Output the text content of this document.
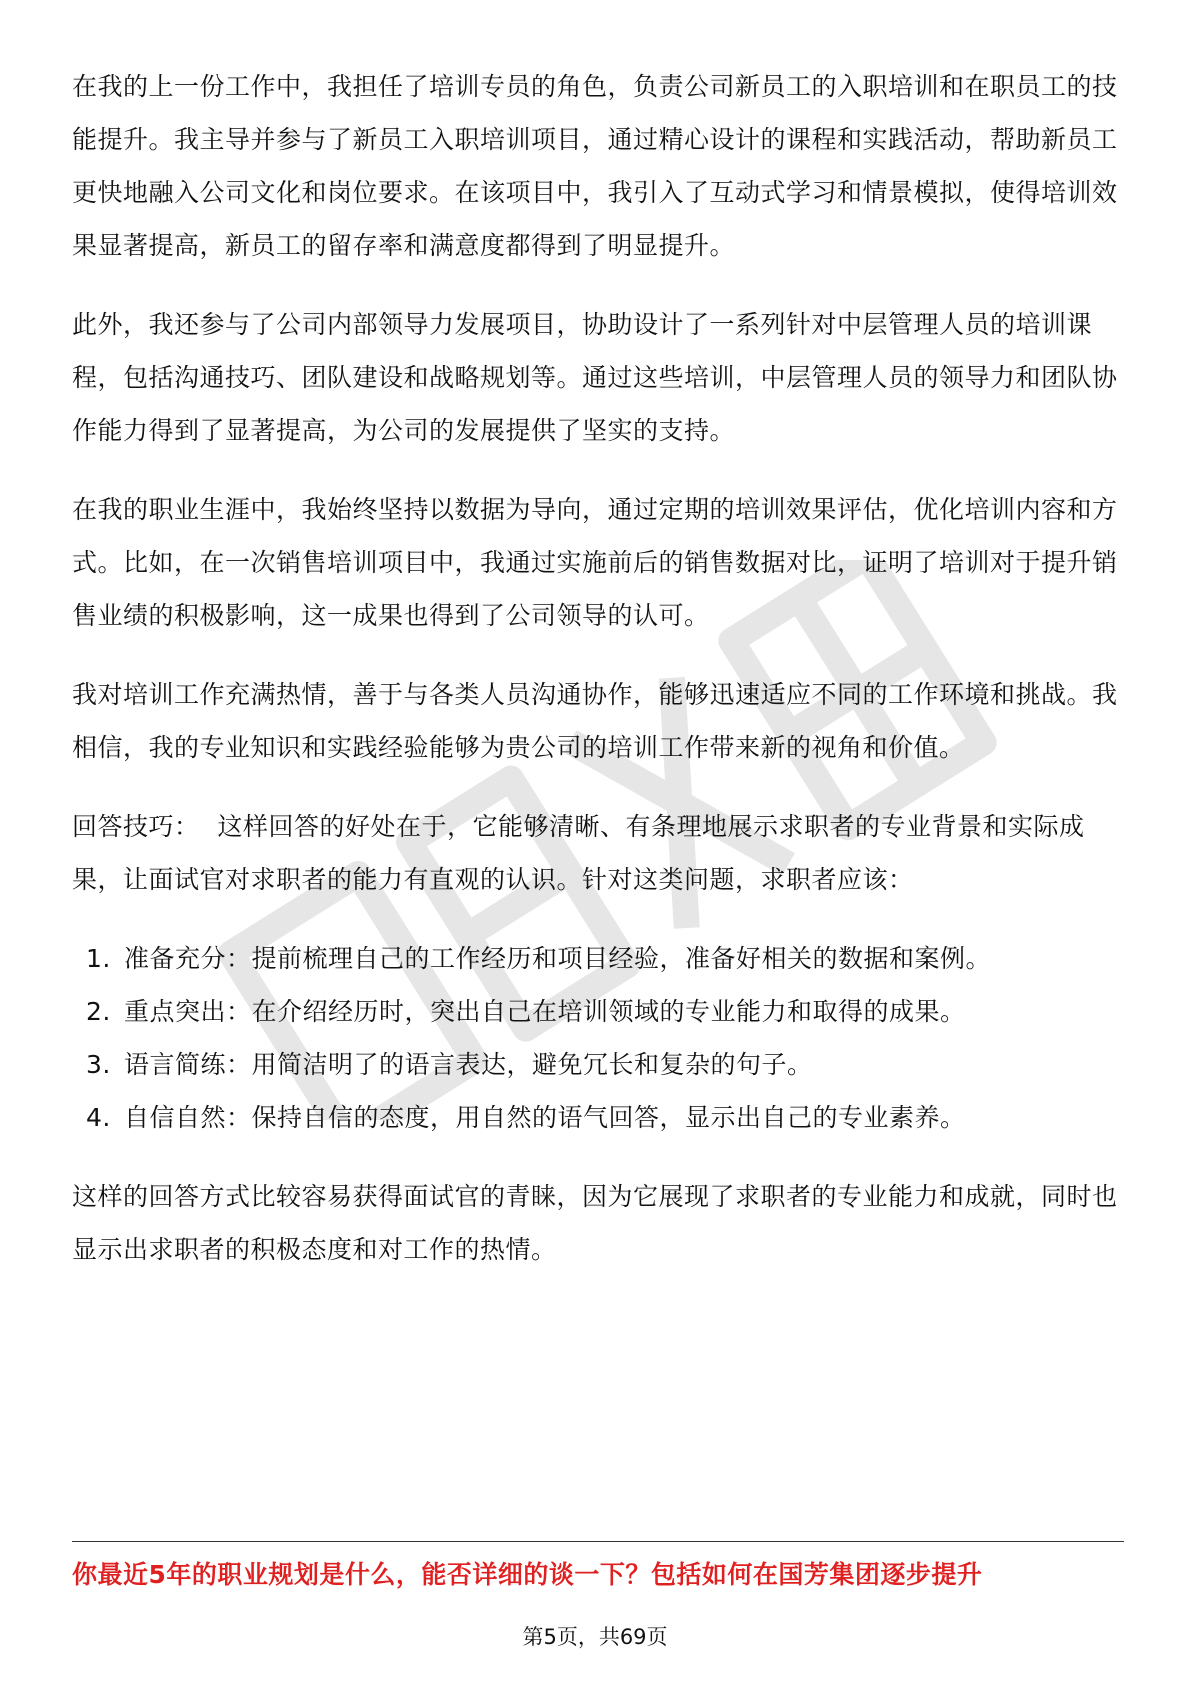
在我的上一份工作中，我担任了培训专员的角色，负责公司新员工的入职培训和在职员工的技能提升。我主导并参与了新员工入职培训项目，通过精心设计的课程和实践活动，帮助新员工更快地融入公司文化和岗位要求。在该项目中，我引入了互动式学习和情景模拟，使得培训效果显著提高，新员工的留存率和满意度都得到了明显提升。

此外，我还参与了公司内部领导力发展项目，协助设计了一系列针对中层管理人员的培训课程，包括沟通技巧、团队建设和战略规划等。通过这些培训，中层管理人员的领导力和团队协作能力得到了显著提高，为公司的发展提供了坚实的支持。

在我的职业生涯中，我始终坚持以数据为导向，通过定期的培训效果评估，优化培训内容和方式。比如，在一次销售培训项目中，我通过实施前后的销售数据对比，证明了培训对于提升销售业绩的积极影响，这一成果也得到了公司领导的认可。

我对培训工作充满热情，善于与各类人员沟通协作，能够迅速适应不同的工作环境和挑战。我相信，我的专业知识和实践经验能够为贵公司的培训工作带来新的视角和价值。

回答技巧： 这样回答的好处在于，它能够清晰、有条理地展示求职者的专业背景和实际成果，让面试官对求职者的能力有直观的认识。针对这类问题，求职者应该：

1. 准备充分：提前梳理自己的工作经历和项目经验，准备好相关的数据和案例。
2. 重点突出：在介绍经历时，突出自己在培训领域的专业能力和取得的成果。
3. 语言简练：用简洁明了的语言表达，避免冗长和复杂的句子。
4. 自信自然：保持自信的态度，用自然的语气回答，显示出自己的专业素养。

这样的回答方式比较容易获得面试官的青睐，因为它展现了求职者的专业能力和成就，同时也显示出求职者的积极态度和对工作的热情。

你最近5年的职业规划是什么，能否详细的谈一下？包括如何在国芳集团逐步提升
第5页，共69页
